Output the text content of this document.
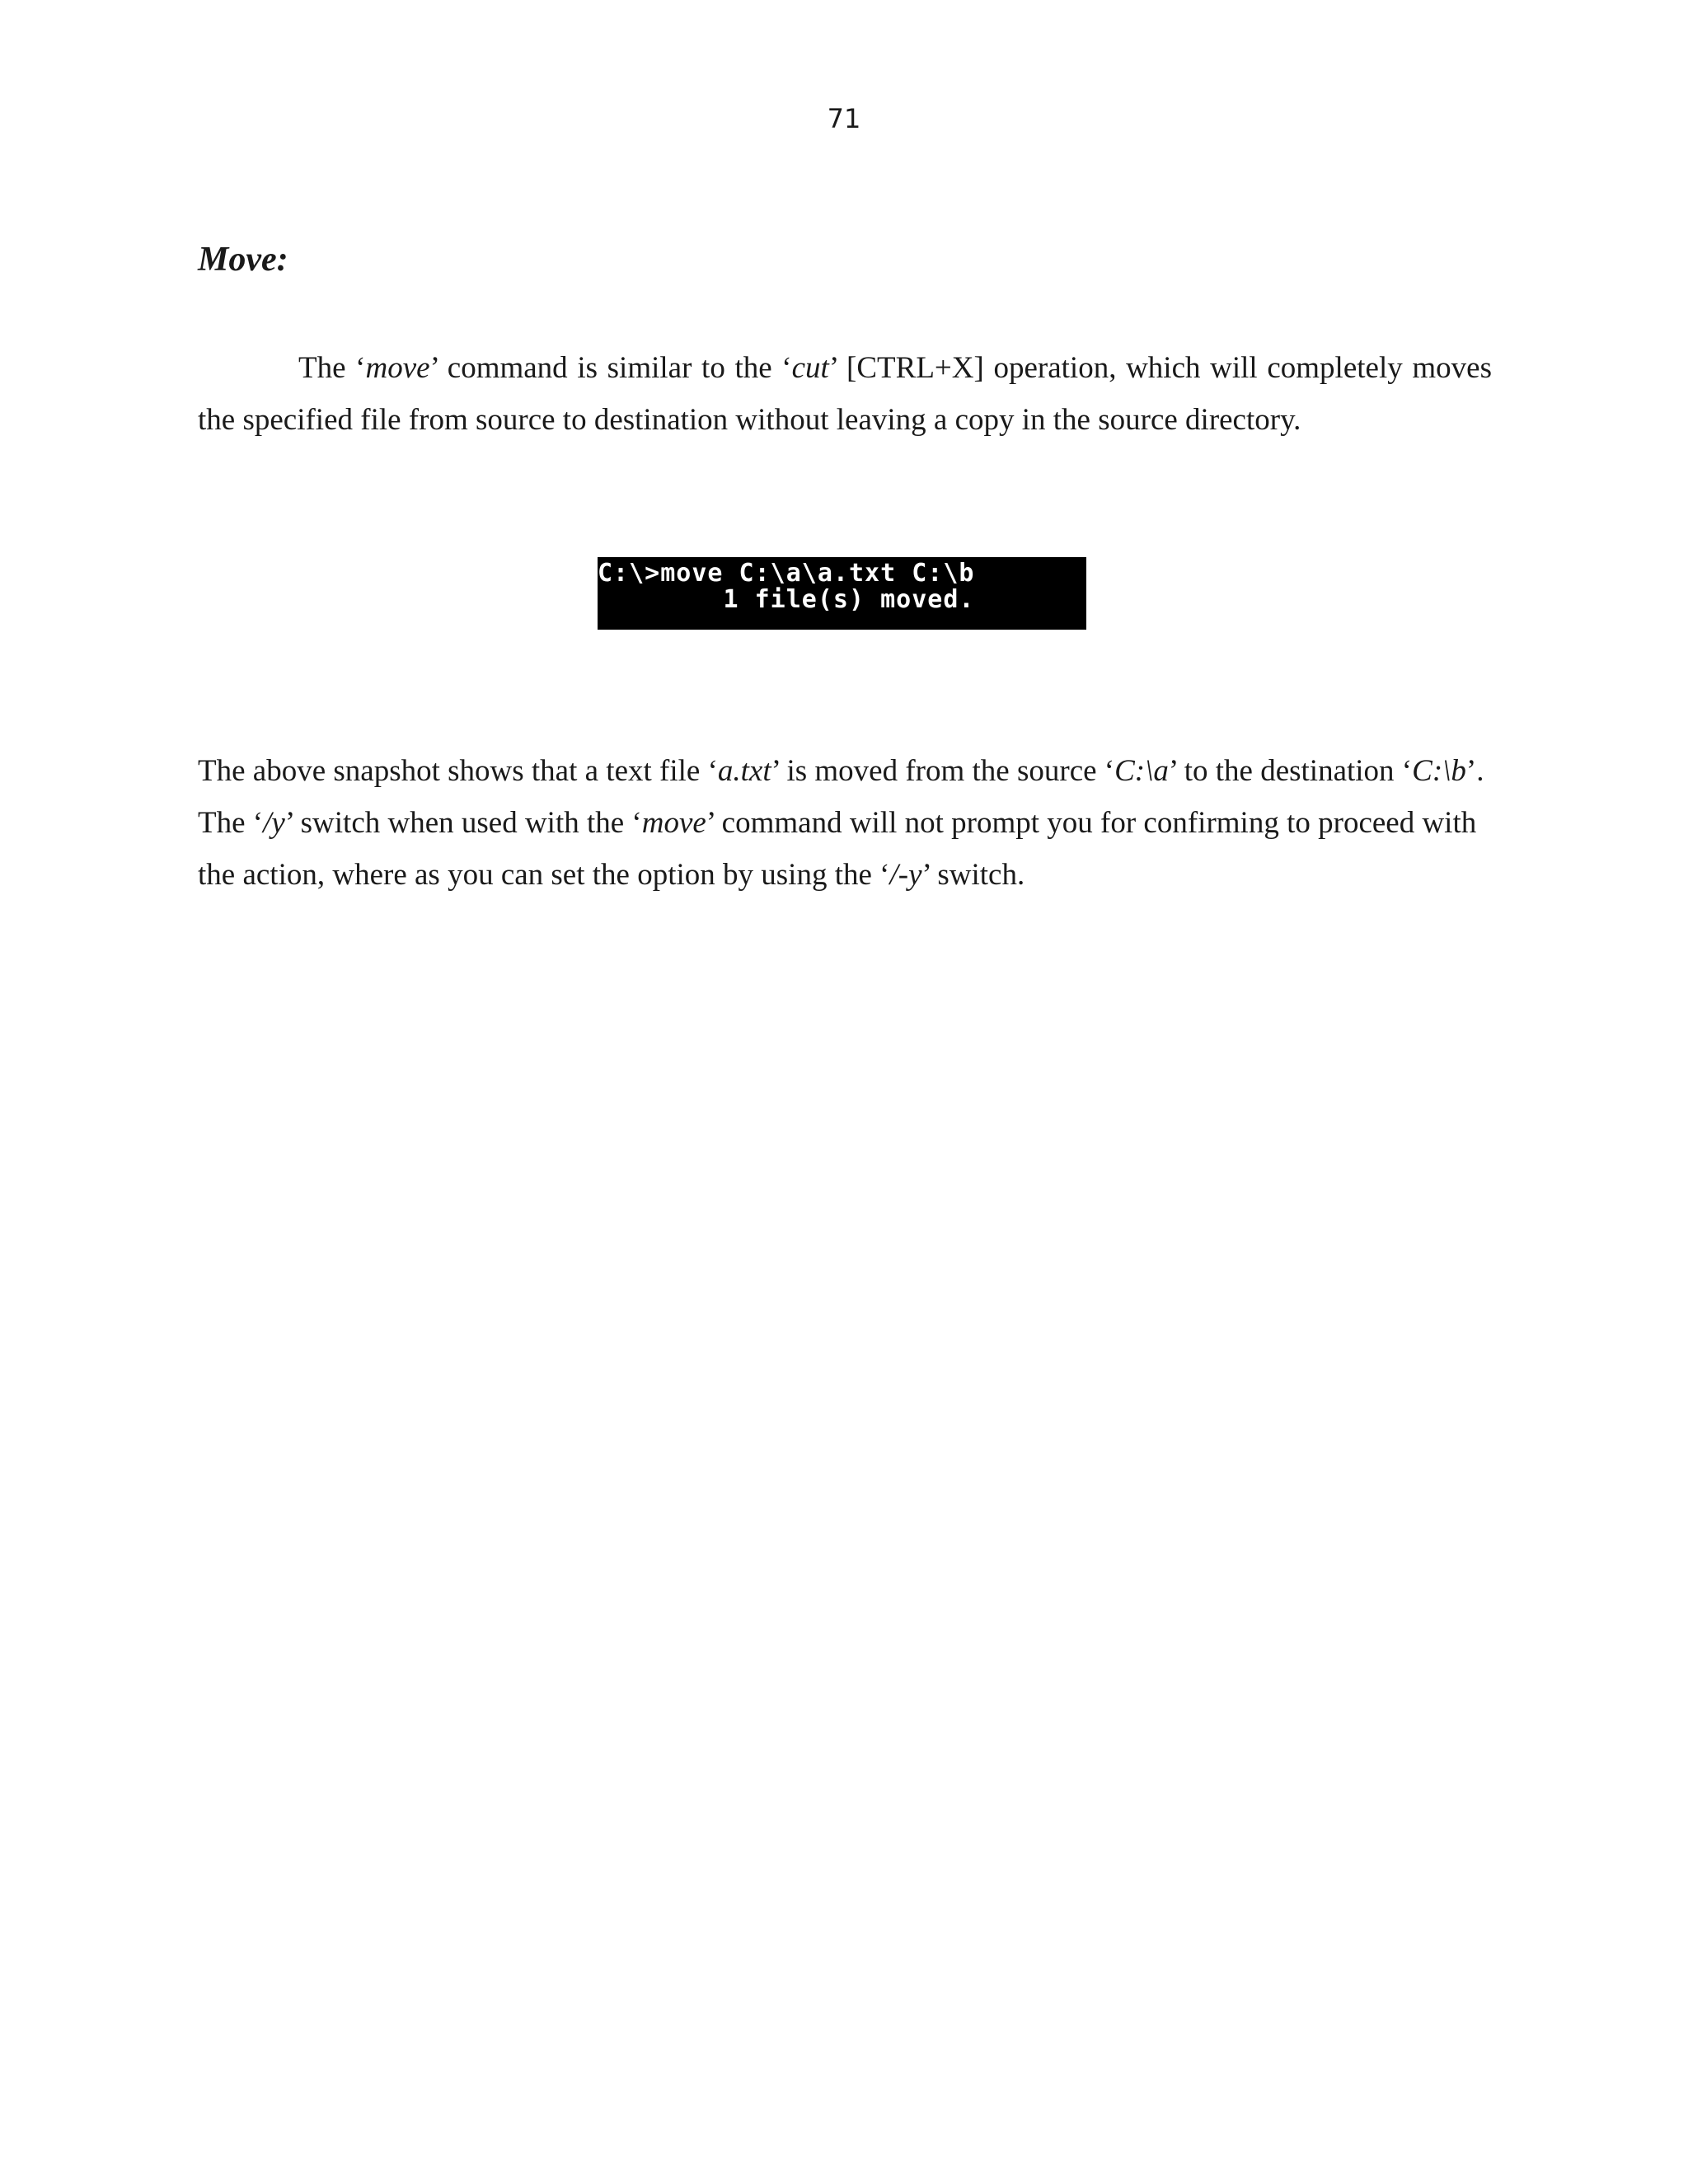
71
Move:

The ‘move’ command is similar to the ‘cut’ [CTRL+X] operation, which will completely moves the specified file from source to destination without leaving a copy in the source directory.

C:\>move C:\a\a.txt C:\b
1 file(s) moved.

The above snapshot shows that a text file ‘a.txt’ is moved from the source ‘C:\a’ to the destination ‘C:\b’. The ‘/y’ switch when used with the ‘move’ command will not prompt you for confirming to proceed with the action, where as you can set the option by using the ‘/-y’ switch.
